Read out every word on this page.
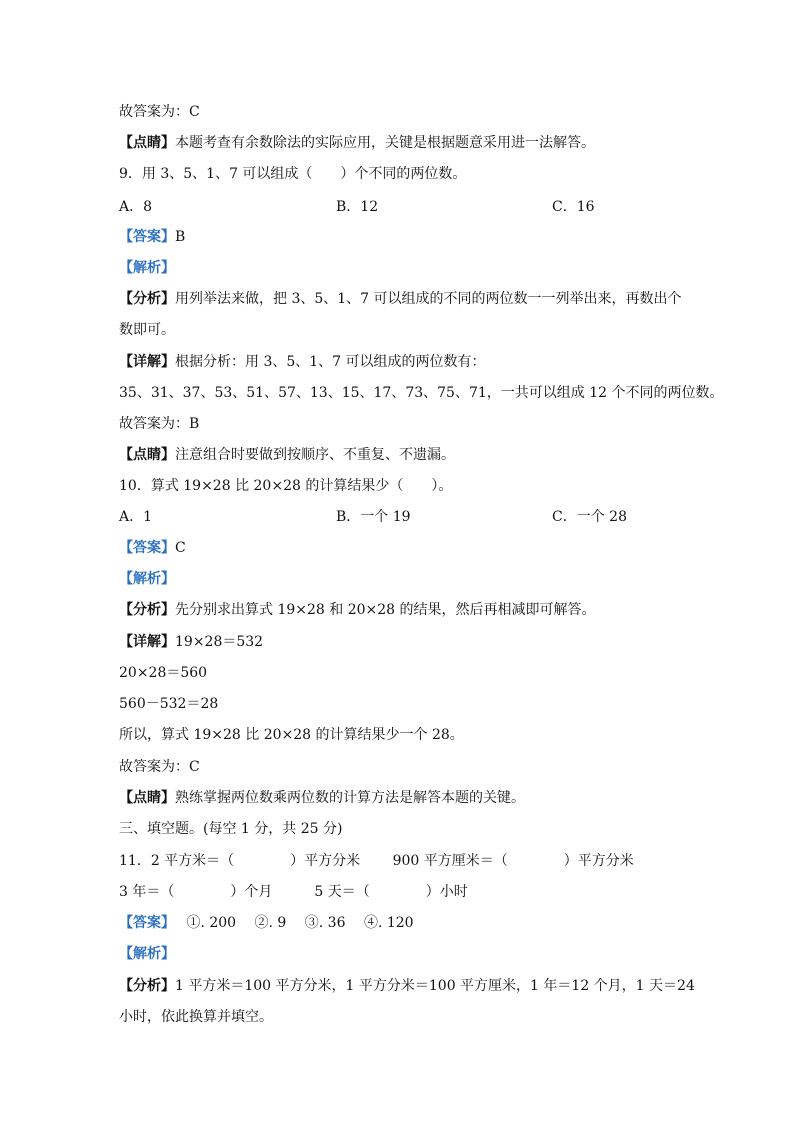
故答案为：C
【点睛】本题考查有余数除法的实际应用，关键是根据题意采用进一法解答。
9．用 3、5、1、7 可以组成（　　）个不同的两位数。
A．8	B．12	C．16
【答案】B
【解析】
【分析】用列举法来做，把 3、5、1、7 可以组成的不同的两位数一一列举出来，再数出个
数即可。
【详解】根据分析：用 3、5、1、7 可以组成的两位数有：
35、31、37、53、51、57、13、15、17、73、75、71，一共可以组成 12 个不同的两位数。
故答案为：B
【点睛】注意组合时要做到按顺序、不重复、不遗漏。
10．算式 19×28 比 20×28 的计算结果少（　　）。
A．1	B．一个 19	C．一个 28
【答案】C
【解析】
【分析】先分别求出算式 19×28 和 20×28 的结果，然后再相减即可解答。
【详解】19×28＝532
20×28＝560
560－532＝28
所以，算式 19×28 比 20×28 的计算结果少一个 28。
故答案为：C
【点睛】熟练掌握两位数乘两位数的计算方法是解答本题的关键。
三、填空题。(每空 1 分，共 25 分)
11．2 平方米＝（　　　　）平方分米　　 900 平方厘米＝（　　　　）平方分米
3 年＝（　　　　）个月　　　5 天＝（　　　　）小时
【答案】　 ①. 200　 ②. 9　 ③. 36　 ④. 120
【解析】
【分析】1 平方米＝100 平方分米，1 平方分米＝100 平方厘米，1 年＝12 个月，1 天＝24
小时，依此换算并填空。
